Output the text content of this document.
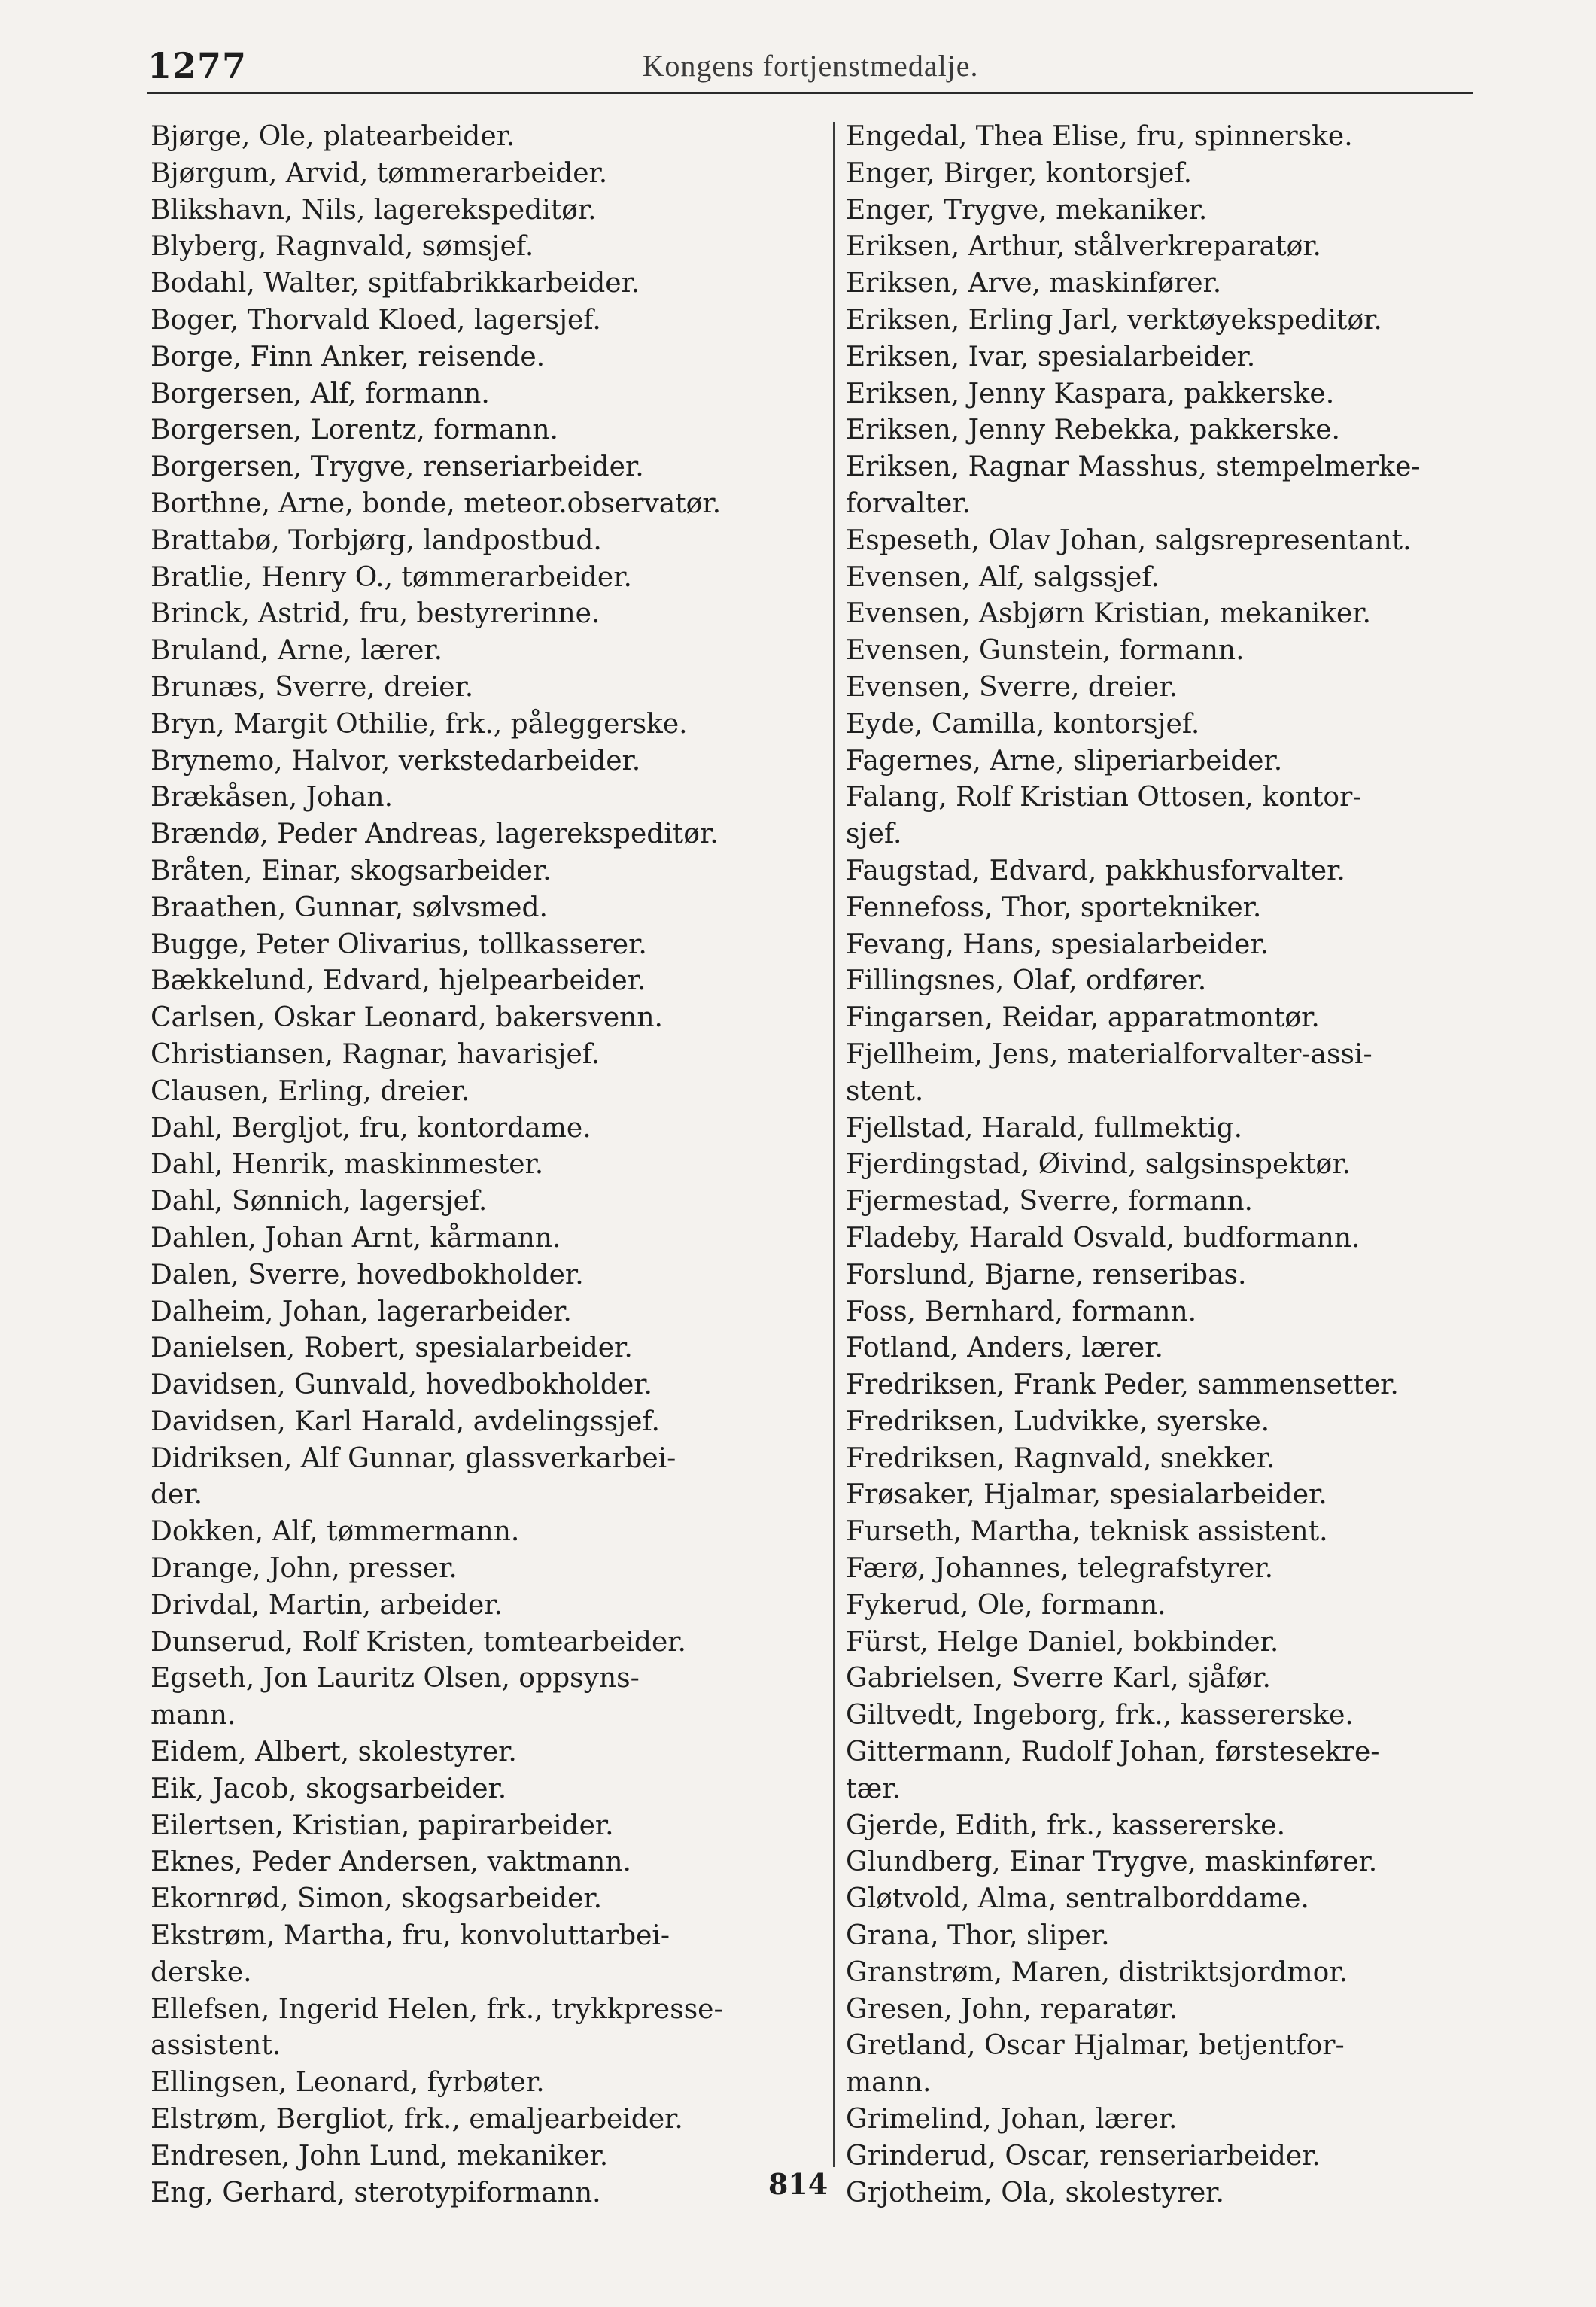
1277	Kongens fortjenstmedalje.
Bjørge, Ole, platearbeider.
Bjørgum, Arvid, tømmerarbeider.
Blikshavn, Nils, lagerekspeditør.
Blyberg, Ragnvald, sømsjef.
Bodahl, Walter, spitfabrikkarbeider.
Boger, Thorvald Kloed, lagersjef.
Borge, Finn Anker, reisende.
Borgersen, Alf, formann.
Borgersen, Lorentz, formann.
Borgersen, Trygve, renseriarbeider.
Borthne, Arne, bonde, meteor.observatør.
Brattabø, Torbjørg, landpostbud.
Bratlie, Henry O., tømmerarbeider.
Brinck, Astrid, fru, bestyrerinne.
Bruland, Arne, lærer.
Brunæs, Sverre, dreier.
Bryn, Margit Othilie, frk., påleggerske.
Brynemo, Halvor, verkstedarbeider.
Brækåsen, Johan.
Brændø, Peder Andreas, lagerekspeditør.
Bråten, Einar, skogsarbeider.
Braathen, Gunnar, sølvsmed.
Bugge, Peter Olivarius, tollkasserer.
Bækkelund, Edvard, hjelpearbeider.
Carlsen, Oskar Leonard, bakersvenn.
Christiansen, Ragnar, havarisjef.
Clausen, Erling, dreier.
Dahl, Bergljot, fru, kontordame.
Dahl, Henrik, maskinmester.
Dahl, Sønnich, lagersjef.
Dahlen, Johan Arnt, kårmann.
Dalen, Sverre, hovedbokholder.
Dalheim, Johan, lagerarbeider.
Danielsen, Robert, spesialarbeider.
Davidsen, Gunvald, hovedbokholder.
Davidsen, Karl Harald, avdelingssjef.
Didriksen, Alf Gunnar, glassverkarbei-
der.
Dokken, Alf, tømmermann.
Drange, John, presser.
Drivdal, Martin, arbeider.
Dunserud, Rolf Kristen, tomtearbeider.
Egseth, Jon Lauritz Olsen, oppsyns-
mann.
Eidem, Albert, skolestyrer.
Eik, Jacob, skogsarbeider.
Eilertsen, Kristian, papirarbeider.
Eknes, Peder Andersen, vaktmann.
Ekornrød, Simon, skogsarbeider.
Ekstrøm, Martha, fru, konvoluttarbei-
derske.
Ellefsen, Ingerid Helen, frk., trykkpresse-
assistent.
Ellingsen, Leonard, fyrbøter.
Elstrøm, Bergliot, frk., emaljearbeider.
Endresen, John Lund, mekaniker.
Eng, Gerhard, sterotypiformann.
Engedal, Thea Elise, fru, spinnerske.
Enger, Birger, kontorsjef.
Enger, Trygve, mekaniker.
Eriksen, Arthur, stålverkreparatør.
Eriksen, Arve, maskinfører.
Eriksen, Erling Jarl, verktøyekspeditør.
Eriksen, Ivar, spesialarbeider.
Eriksen, Jenny Kaspara, pakkerske.
Eriksen, Jenny Rebekka, pakkerske.
Eriksen, Ragnar Masshus, stempelmerke-
forvalter.
Espeseth, Olav Johan, salgsrepresentant.
Evensen, Alf, salgssjef.
Evensen, Asbjørn Kristian, mekaniker.
Evensen, Gunstein, formann.
Evensen, Sverre, dreier.
Eyde, Camilla, kontorsjef.
Fagernes, Arne, sliperiarbeider.
Falang, Rolf Kristian Ottosen, kontor-
sjef.
Faugstad, Edvard, pakkhusforvalter.
Fennefoss, Thor, sportekniker.
Fevang, Hans, spesialarbeider.
Fillingsnes, Olaf, ordfører.
Fingarsen, Reidar, apparatmontør.
Fjellheim, Jens, materialforvalter-assi-
stent.
Fjellstad, Harald, fullmektig.
Fjerdingstad, Øivind, salgsinspektør.
Fjermestad, Sverre, formann.
Fladeby, Harald Osvald, budformann.
Forslund, Bjarne, renseribas.
Foss, Bernhard, formann.
Fotland, Anders, lærer.
Fredriksen, Frank Peder, sammensetter.
Fredriksen, Ludvikke, syerske.
Fredriksen, Ragnvald, snekker.
Frøsaker, Hjalmar, spesialarbeider.
Furseth, Martha, teknisk assistent.
Færø, Johannes, telegrafstyrer.
Fykerud, Ole, formann.
Fürst, Helge Daniel, bokbinder.
Gabrielsen, Sverre Karl, sjåfør.
Giltvedt, Ingeborg, frk., kassererske.
Gittermann, Rudolf Johan, førstesekre-
tær.
Gjerde, Edith, frk., kassererske.
Glundberg, Einar Trygve, maskinfører.
Gløtvold, Alma, sentralborddame.
Grana, Thor, sliper.
Granstrøm, Maren, distriktsjordmor.
Gresen, John, reparatør.
Gretland, Oscar Hjalmar, betjentfor-
mann.
Grimelind, Johan, lærer.
Grinderud, Oscar, renseriarbeider.
Grjotheim, Ola, skolestyrer.
814
